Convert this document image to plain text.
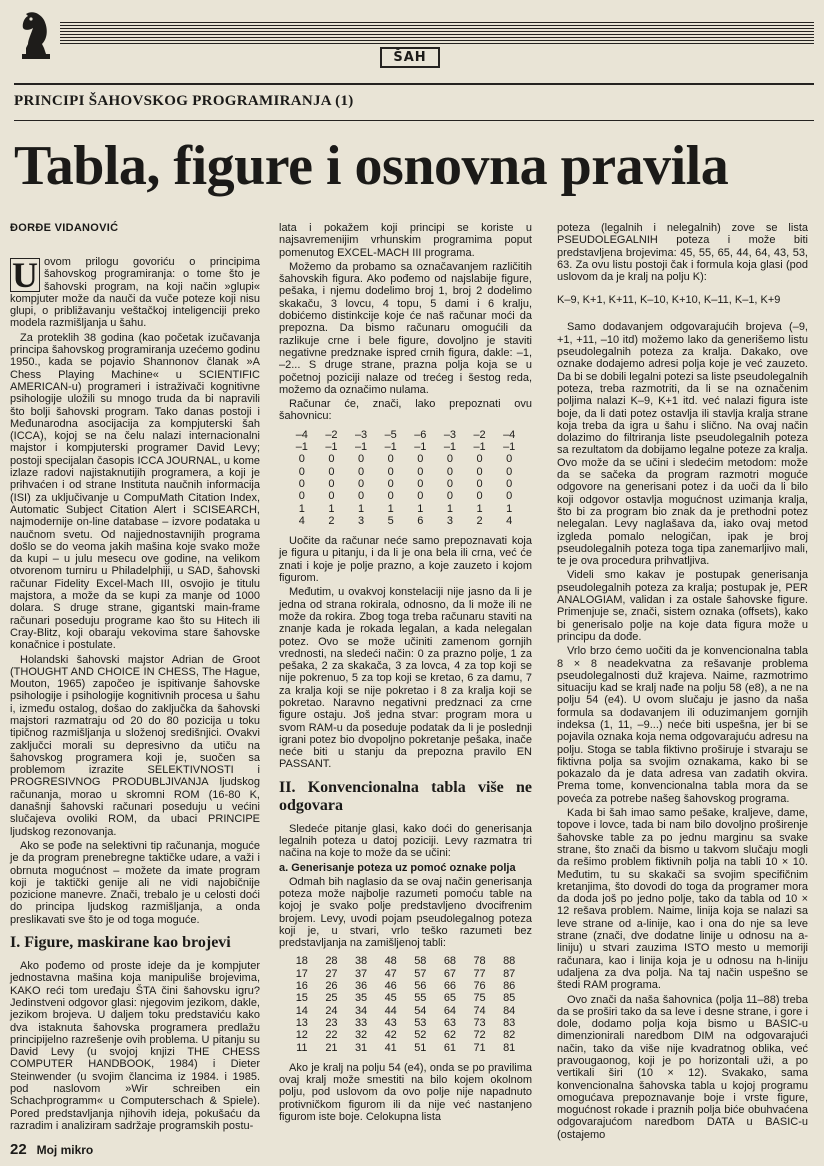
ŠAH
PRINCIPI ŠAHOVSKOG PROGRAMIRANJA (1)
Tabla, figure i osnovna pravila
ĐORĐE VIDANOVIĆ
U ovom prilogu govoriću o principima šahovskog programiranja: o tome što je šahovski program, na koji način »glupi« kompjuter može da nauči da vuče poteze koji nisu glupi, o približavanju veštačkoj inteligenciji preko modela razmišljanja u šahu.

Za proteklih 38 godina (kao početak izučavanja principa šahovskog programiranja uzećemo godinu 1950., kada se pojavio Shannonov članak »A Chess Playing Machine« u SCIENTIFIC AMERICAN-u) programeri i istraživači kognitivne psihologije uložili su mnogo truda da bi napravili što bolji šahovski program. Tako danas postoji i Međunarodna asocijacija za kompjuterski šah (ICCA), kojoj se na čelu nalazi internacionalni majstor i kompjuterski programer David Levy; postoji specijalan časopis ICCA JOURNAL, u kome izlaze radovi najistaknutijih programera, a koji je prihvaćen i od strane Instituta naučnih informacija (ISI) za uključivanje u CompuMath Citation Index, Automatic Subject Citation Alert i SCISEARCH, najmodernije on-line database – izvore podataka u naučnom svetu. Od najjednostavnijih programa došlo se do veoma jakih mašina koje svako može da kupi – u julu mesecu ove godine, na velikom otvorenom turniru u Philadelphiji, u SAD, šahovski računar Fidelity Excel-Mach III, osvojio je titulu majstora, a može da se kupi za manje od 1000 dolara. S druge strane, gigantski main-frame računari poseduju programe kao što su Hitech ili Cray-Blitz, koji obaraju vekovima stare šahovske konačnice i postulate.

Holandski šahovski majstor Adrian de Groot (THOUGHT AND CHOICE IN CHESS, The Hague, Mouton, 1965) započeo je ispitivanje šahovske psihologije i psihologije kognitivnih procesa u šahu i, između ostalog, došao do zaključka da šahovski majstori razmatraju od 20 do 80 pozicija u toku tipičnog razmišljanja u složenoj središnjici. Ovakvi zaključci morali su depresivno da utiču na šahovskog programera koji je, suočen sa problemom izrazite SELEKTIVNOSTI i PROGRESIVNOG PRODUBLJIVANJA ljudskog računanja, morao u skromni ROM (16-80 K, današnji šahovski računari poseduju u većini slučajeva ovoliki ROM, da ubaci PRINCIPE ljudskog rezonovanja.

Ako se pođe na selektivni tip računanja, moguće je da program prenebregne taktičke udare, a važi i obrnuta mogućnost – možete da imate program koji je taktički genije ali ne vidi najobičnije pozicione manevre. Znači, trebalo je u celosti doći do principa ljudskog razmišljanja, a onda preslikavati sve što je od toga moguće.

I. Figure, maskirane kao brojevi

Ako pođemo od proste ideje da je kompjuter jednostavna mašina koja manipuliše brojevima, KAKO reći tom uređaju ŠTA čini šahovsku igru? Jedinstveni odgovor glasi: njegovim jezikom, dakle, jezikom brojeva. U daljem toku predstaviću kako dva istaknuta šahovska programera predlažu principijelno razrešenje ovih problema. U pitanju su David Levy (u svojoj knjizi THE CHESS COMPUTER HANDBOOK, 1984) i Dieter Steinwender (u svojim člancima iz 1984. i 1985. pod naslovom »Wir schreiben ein Schachprogramm« u Computerschach & Spiele). Pored predstavljanja njihovih ideja, pokušaću da razradim i analiziram sadržaje programskih postu-

lata i pokažem koji principi se koriste u najsavremenijim vrhunskim programima poput pomenutog EXCEL-MACH III programa.

Možemo da probamo sa označavanjem različitih šahovskih figura. Ako pođemo od najslabije figure, pešaka, i njemu dodelimo broj 1, broj 2 dodelimo skakaču, 3 lovcu, 4 topu, 5 dami i 6 kralju, dobićemo distinkcije koje će naš računar moći da prepozna. Da bismo računaru omogućili da razlikuje crne i bele figure, dovoljno je staviti negativne predznake ispred crnih figura, dakle: –1, –2... S druge strane, prazna polja koja se u početnoj poziciji nalaze od trećeg i šestog reda, možemo da označimo nulama.

Računar će, znači, lako prepoznati ovu šahovnicu:

–4	–2	–3	–5	–6	–3	–2	–4
–1	–1	–1	–1	–1	–1	–1	–1
0	0	0	0	0	0	0	0
0	0	0	0	0	0	0	0
0	0	0	0	0	0	0	0
0	0	0	0	0	0	0	0
1	1	1	1	1	1	1	1
4	2	3	5	6	3	2	4

Uočite da računar neće samo prepoznavati koja je figura u pitanju, i da li je ona bela ili crna, već će znati i koje je polje prazno, a koje zauzeto i kojom figurom.

Međutim, u ovakvoj konstelaciji nije jasno da li je jedna od strana rokirala, odnosno, da li može ili ne može da rokira. Zbog toga treba računaru staviti na znanje kada je rokada legalan, a kada nelegalan potez. Ovo se može učiniti zamenom gornjih vrednosti, na sledeći način: 0 za prazno polje, 1 za pešaka, 2 za skakača, 3 za lovca, 4 za top koji se nije pokrenuo, 5 za top koji se kretao, 6 za damu, 7 za kralja koji se nije pokretao i 8 za kralja koji se pokretao. Naravno negativni predznaci za crne figure ostaju. Još jedna stvar: program mora u svom RAM-u da poseduje podatak da li je poslednji igrani potez bio dvopoljno pokretanje pešaka, inače neće biti u stanju da prepozna pravilo EN PASSANT.

II. Konvencionalna tabla više ne odgovara

Sledeće pitanje glasi, kako doći do generisanja legalnih poteza u datoj poziciji. Levy razmatra tri načina na koje to može da se učini:

a. Generisanje poteza uz pomoć oznake polja

Odmah bih naglasio da se ovaj način generisanja poteza može najbolje razumeti pomoću table na kojoj je svako polje predstavljeno dvocifrenim brojem. Levy, uvodi pojam pseudolegalnog poteza koji je, u stvari, vrlo teško razumeti bez predstavljanja na zamišljenoj tabli:

18	28	38	48	58	68	78	88
17	27	37	47	57	67	77	87
16	26	36	46	56	66	76	86
15	25	35	45	55	65	75	85
14	24	34	44	54	64	74	84
13	23	33	43	53	63	73	83
12	22	32	42	52	62	72	82
11	21	31	41	51	61	71	81

Ako je kralj na polju 54 (e4), onda se po pravilima ovaj kralj može smestiti na bilo kojem okolnom polju, pod uslovom da ovo polje nije napadnuto protivničkom figurom ili da nije već nastanjeno figurom iste boje. Celokupna lista

poteza (legalnih i nelegalnih) zove se lista PSEUDOLEGALNIH poteza i može biti predstavljena brojevima: 45, 55, 65, 44, 64, 43, 53, 63. Za ovu listu postoji čak i formula koja glasi (pod uslovom da je kralj na polju K):

K–9, K+1, K+11, K–10, K+10, K–11, K–1, K+9

Samo dodavanjem odgovarajućih brojeva (–9, +1, +11, –10 itd) možemo lako da generišemo listu pseudolegalnih poteza za kralja. Dakako, ove oznake dodajemo adresi polja koje je već zauzeto. Da bi se dobili legalni potezi sa liste pseudolegalnih poteza, treba razmotriti, da li se na označenim poljima nalazi K–9, K+1 itd. već nalazi figura iste boje, da li dati potez ostavlja ili stavlja kralja strane koja treba da igra u šahu i slično. Na ovaj način dolazimo do filtriranja liste pseudolegalnih poteza sa rezultatom da dobijamo legalne poteze za kralja. Ovo može da se učini i sledećim metodom: može da se sačeka da program razmotri moguće odgovore na generisani potez i da uoči da li bilo koji odgovor ostavlja mogućnost uzimanja kralja, što bi za program bio znak da je prethodni potez nelegalan. Levy naglašava da, iako ovaj metod izgleda pomalo nelogičan, ipak je broj pseudolegalnih poteza toga tipa zanemarljivo mali, te je ova procedura prihvatljiva.

Videli smo kakav je postupak generisanja pseudolegalnih poteza za kralja; postupak je, PER ANALOGIAM, validan i za ostale šahovske figure. Primenjuje se, znači, sistem oznaka (offsets), kako bi generisalo polje na koje data figura može u principu da dođe.

Vrlo brzo ćemo uočiti da je konvencionalna tabla 8 × 8 neadekvatna za rešavanje problema pseudolegalnosti duž krajeva. Naime, razmotrimo situaciju kad se kralj nađe na polju 58 (e8), a ne na polju 54 (e4). U ovom slučaju je jasno da naša formula sa dodavanjem ili oduzimanjem gornjih indeksa (1, 11, –9...) neće biti uspešna, jer bi se pojavila oznaka koja nema odgovarajuću adresu na polju. Stoga se tabla fiktivno proširuje i stvaraju se fiktivna polja sa svojim oznakama, kako bi se pokazalo da je data adresa van zadatih okvira. Prema tome, konvencionalna tabla mora da se poveća za potrebe našeg šahovskog programa.

Kada bi šah imao samo pešake, kraljeve, dame, topove i lovce, tada bi nam bilo dovoljno proširenje šahovske table za po jednu marginu sa svake strane, što znači da bismo u takvom slučaju mogli da rešimo problem fiktivnih polja na tabli 10 × 10. Međutim, tu su skakači sa svojim specifičnim kretanjima, što dovodi do toga da programer mora da doda još po jedno polje, tako da tabla od 10 × 12 rešava problem. Naime, linija koja se nalazi sa leve strane od a-linije, kao i ona do nje sa leve strane (znači, dve dodatne linije u odnosu na a-liniju) u stvari zauzima ISTO mesto u memoriji računara, kao i linija koja je u odnosu na h-liniju udaljena za dva polja. Na taj način uspešno se štedi RAM programa.

Ovo znači da naša šahovnica (polja 11–88) treba da se proširi tako da sa leve i desne strane, i gore i dole, dodamo polja koja bismo u BASIC-u dimenzionirali naredbom DIM na odgovarajući način, tako da više nije kvadratnog oblika, već pravougaonog, koji je po horizontali uži, a po vertikali širi (10 × 12). Svakako, sama konvencionalna šahovska tabla u kojoj programu omogućava prepoznavanje boje i vrste figure, mogućnost rokade i praznih polja biće obuhvaćena odgovarajućom naredbom DATA u BASIC-u (ostajemo

22 Moj mikro
